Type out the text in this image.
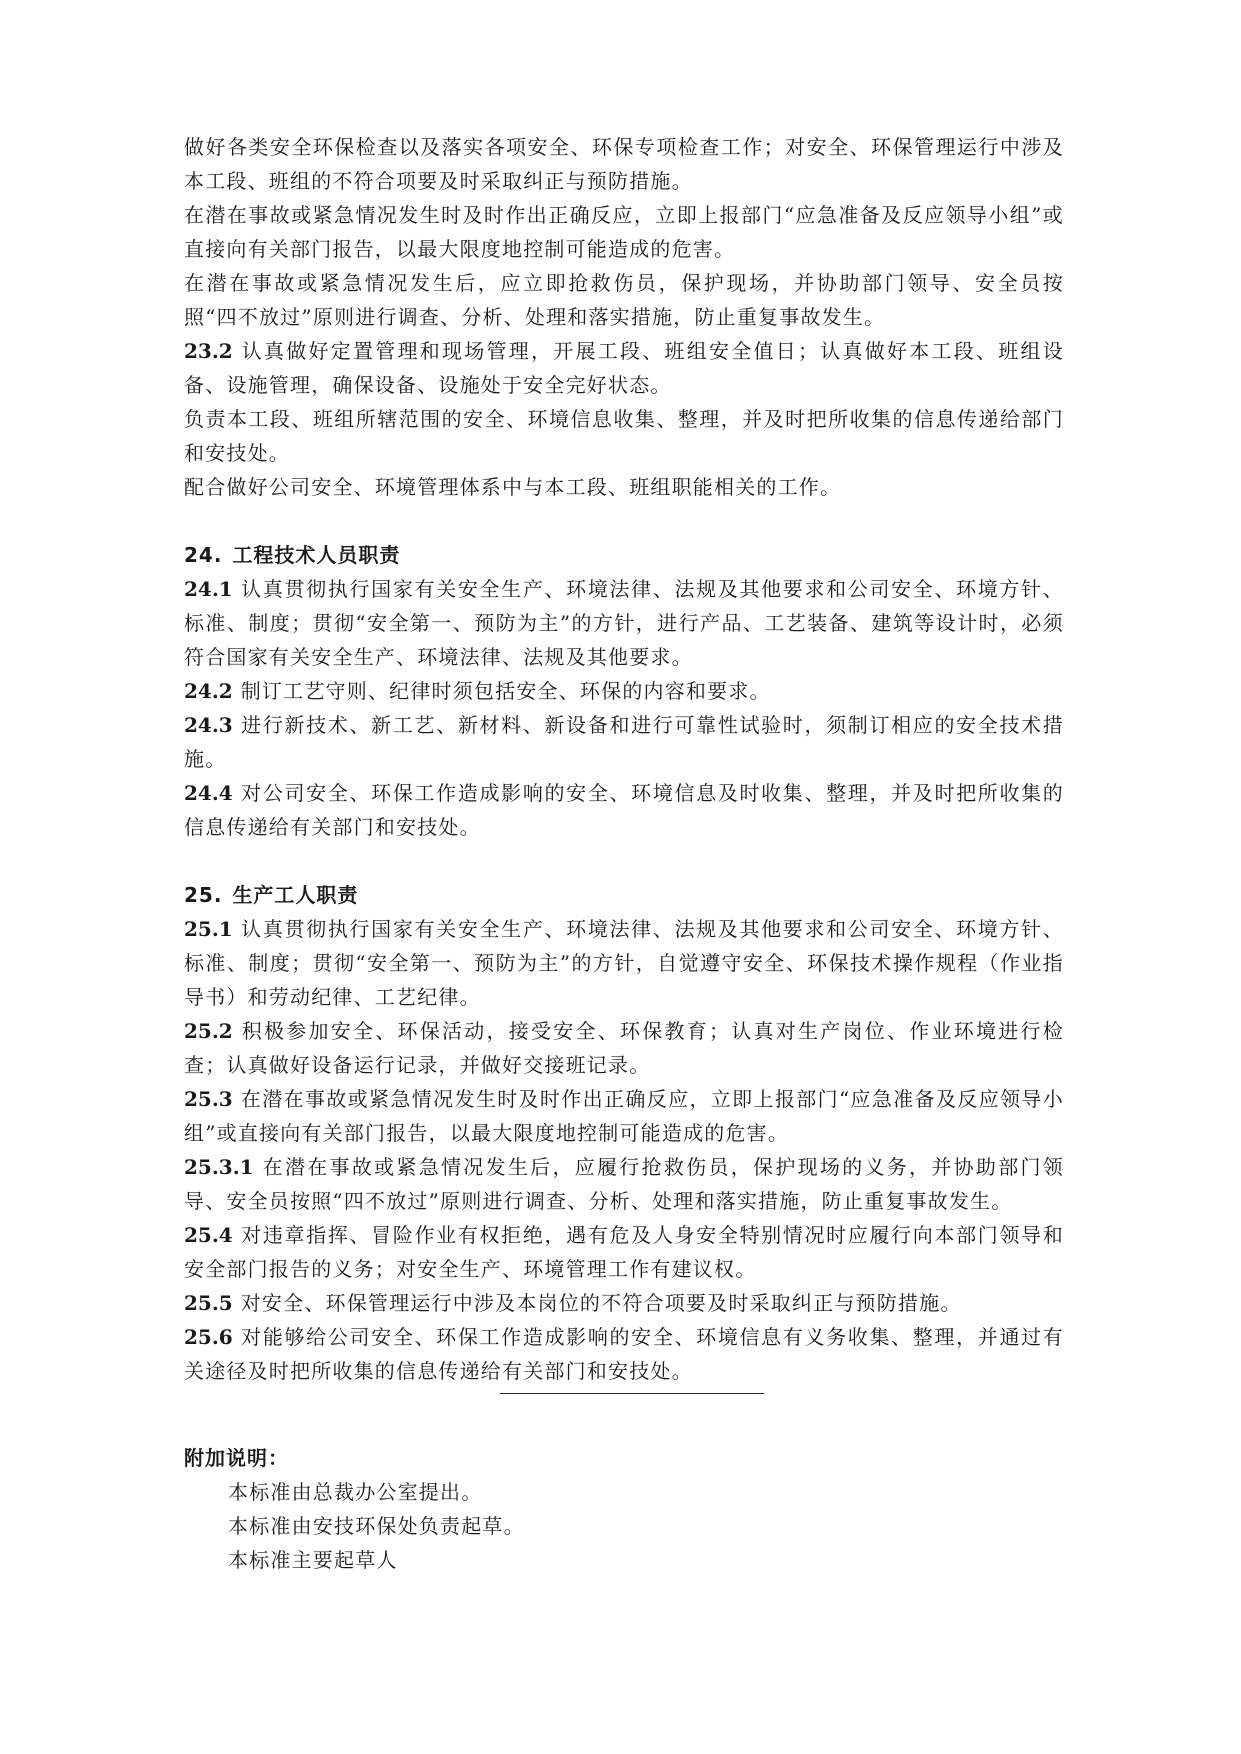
做好各类安全环保检查以及落实各项安全、环保专项检查工作；对安全、环保管理运行中涉及本工段、班组的不符合项要及时采取纠正与预防措施。

在潜在事故或紧急情况发生时及时作出正确反应，立即上报部门“应急准备及反应领导小组”或直接向有关部门报告，以最大限度地控制可能造成的危害。

在潜在事故或紧急情况发生后，应立即抢救伤员，保护现场，并协助部门领导、安全员按照“四不放过”原则进行调查、分析、处理和落实措施，防止重复事故发生。

23.2 认真做好定置管理和现场管理，开展工段、班组安全值日；认真做好本工段、班组设备、设施管理，确保设备、设施处于安全完好状态。

负责本工段、班组所辖范围的安全、环境信息收集、整理，并及时把所收集的信息传递给部门和安技处。

配合做好公司安全、环境管理体系中与本工段、班组职能相关的工作。

24. 工程技术人员职责

24.1 认真贯彻执行国家有关安全生产、环境法律、法规及其他要求和公司安全、环境方针、标准、制度；贯彻“安全第一、预防为主”的方针，进行产品、工艺装备、建筑等设计时，必须符合国家有关安全生产、环境法律、法规及其他要求。

24.2 制订工艺守则、纪律时须包括安全、环保的内容和要求。

24.3 进行新技术、新工艺、新材料、新设备和进行可靠性试验时，须制订相应的安全技术措施。

24.4 对公司安全、环保工作造成影响的安全、环境信息及时收集、整理，并及时把所收集的信息传递给有关部门和安技处。

25. 生产工人职责

25.1 认真贯彻执行国家有关安全生产、环境法律、法规及其他要求和公司安全、环境方针、标准、制度；贯彻“安全第一、预防为主”的方针，自觉遵守安全、环保技术操作规程（作业指导书）和劳动纪律、工艺纪律。

25.2 积极参加安全、环保活动，接受安全、环保教育；认真对生产岗位、作业环境进行检查；认真做好设备运行记录，并做好交接班记录。

25.3 在潜在事故或紧急情况发生时及时作出正确反应，立即上报部门“应急准备及反应领导小组”或直接向有关部门报告，以最大限度地控制可能造成的危害。

25.3.1 在潜在事故或紧急情况发生后，应履行抢救伤员，保护现场的义务，并协助部门领导、安全员按照“四不放过”原则进行调查、分析、处理和落实措施，防止重复事故发生。

25.4 对违章指挥、冒险作业有权拒绝，遇有危及人身安全特别情况时应履行向本部门领导和安全部门报告的义务；对安全生产、环境管理工作有建议权。

25.5 对安全、环保管理运行中涉及本岗位的不符合项要及时采取纠正与预防措施。

25.6 对能够给公司安全、环保工作造成影响的安全、环境信息有义务收集、整理，并通过有关途径及时把所收集的信息传递给有关部门和安技处。

附加说明：
本标准由总裁办公室提出。
本标准由安技环保处负责起草。
本标准主要起草人
